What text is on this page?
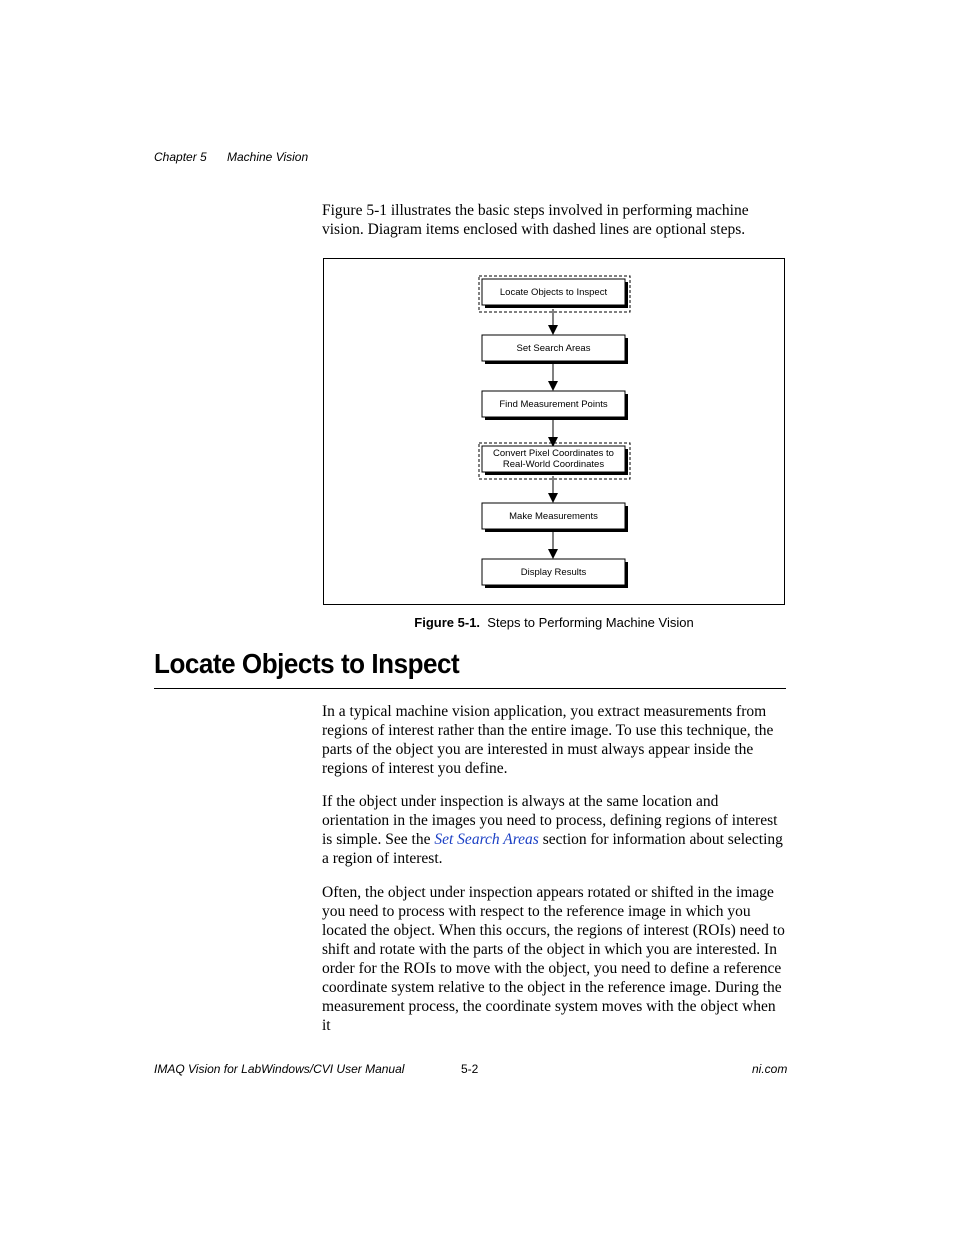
Chapter 5 Machine Vision

Figure 5-1 illustrates the basic steps involved in performing machine vision. Diagram items enclosed with dashed lines are optional steps.

Locate Objects to Inspect
Set Search Areas
Find Measurement Points
Convert Pixel Coordinates to
Real-World Coordinates
Make Measurements
Display Results
Figure 5-1. Steps to Performing Machine Vision
Locate Objects to Inspect

In a typical machine vision application, you extract measurements from regions of interest rather than the entire image. To use this technique, the parts of the object you are interested in must always appear inside the regions of interest you define.

If the object under inspection is always at the same location and orientation in the images you need to process, defining regions of interest is simple. See the Set Search Areas section for information about selecting a region of interest.

Often, the object under inspection appears rotated or shifted in the image you need to process with respect to the reference image in which you located the object. When this occurs, the regions of interest (ROIs) need to shift and rotate with the parts of the object in which you are interested. In order for the ROIs to move with the object, you need to define a reference coordinate system relative to the object in the reference image. During the measurement process, the coordinate system moves with the object when it

IMAQ Vision for LabWindows/CVI User Manual	5-2	ni.com
